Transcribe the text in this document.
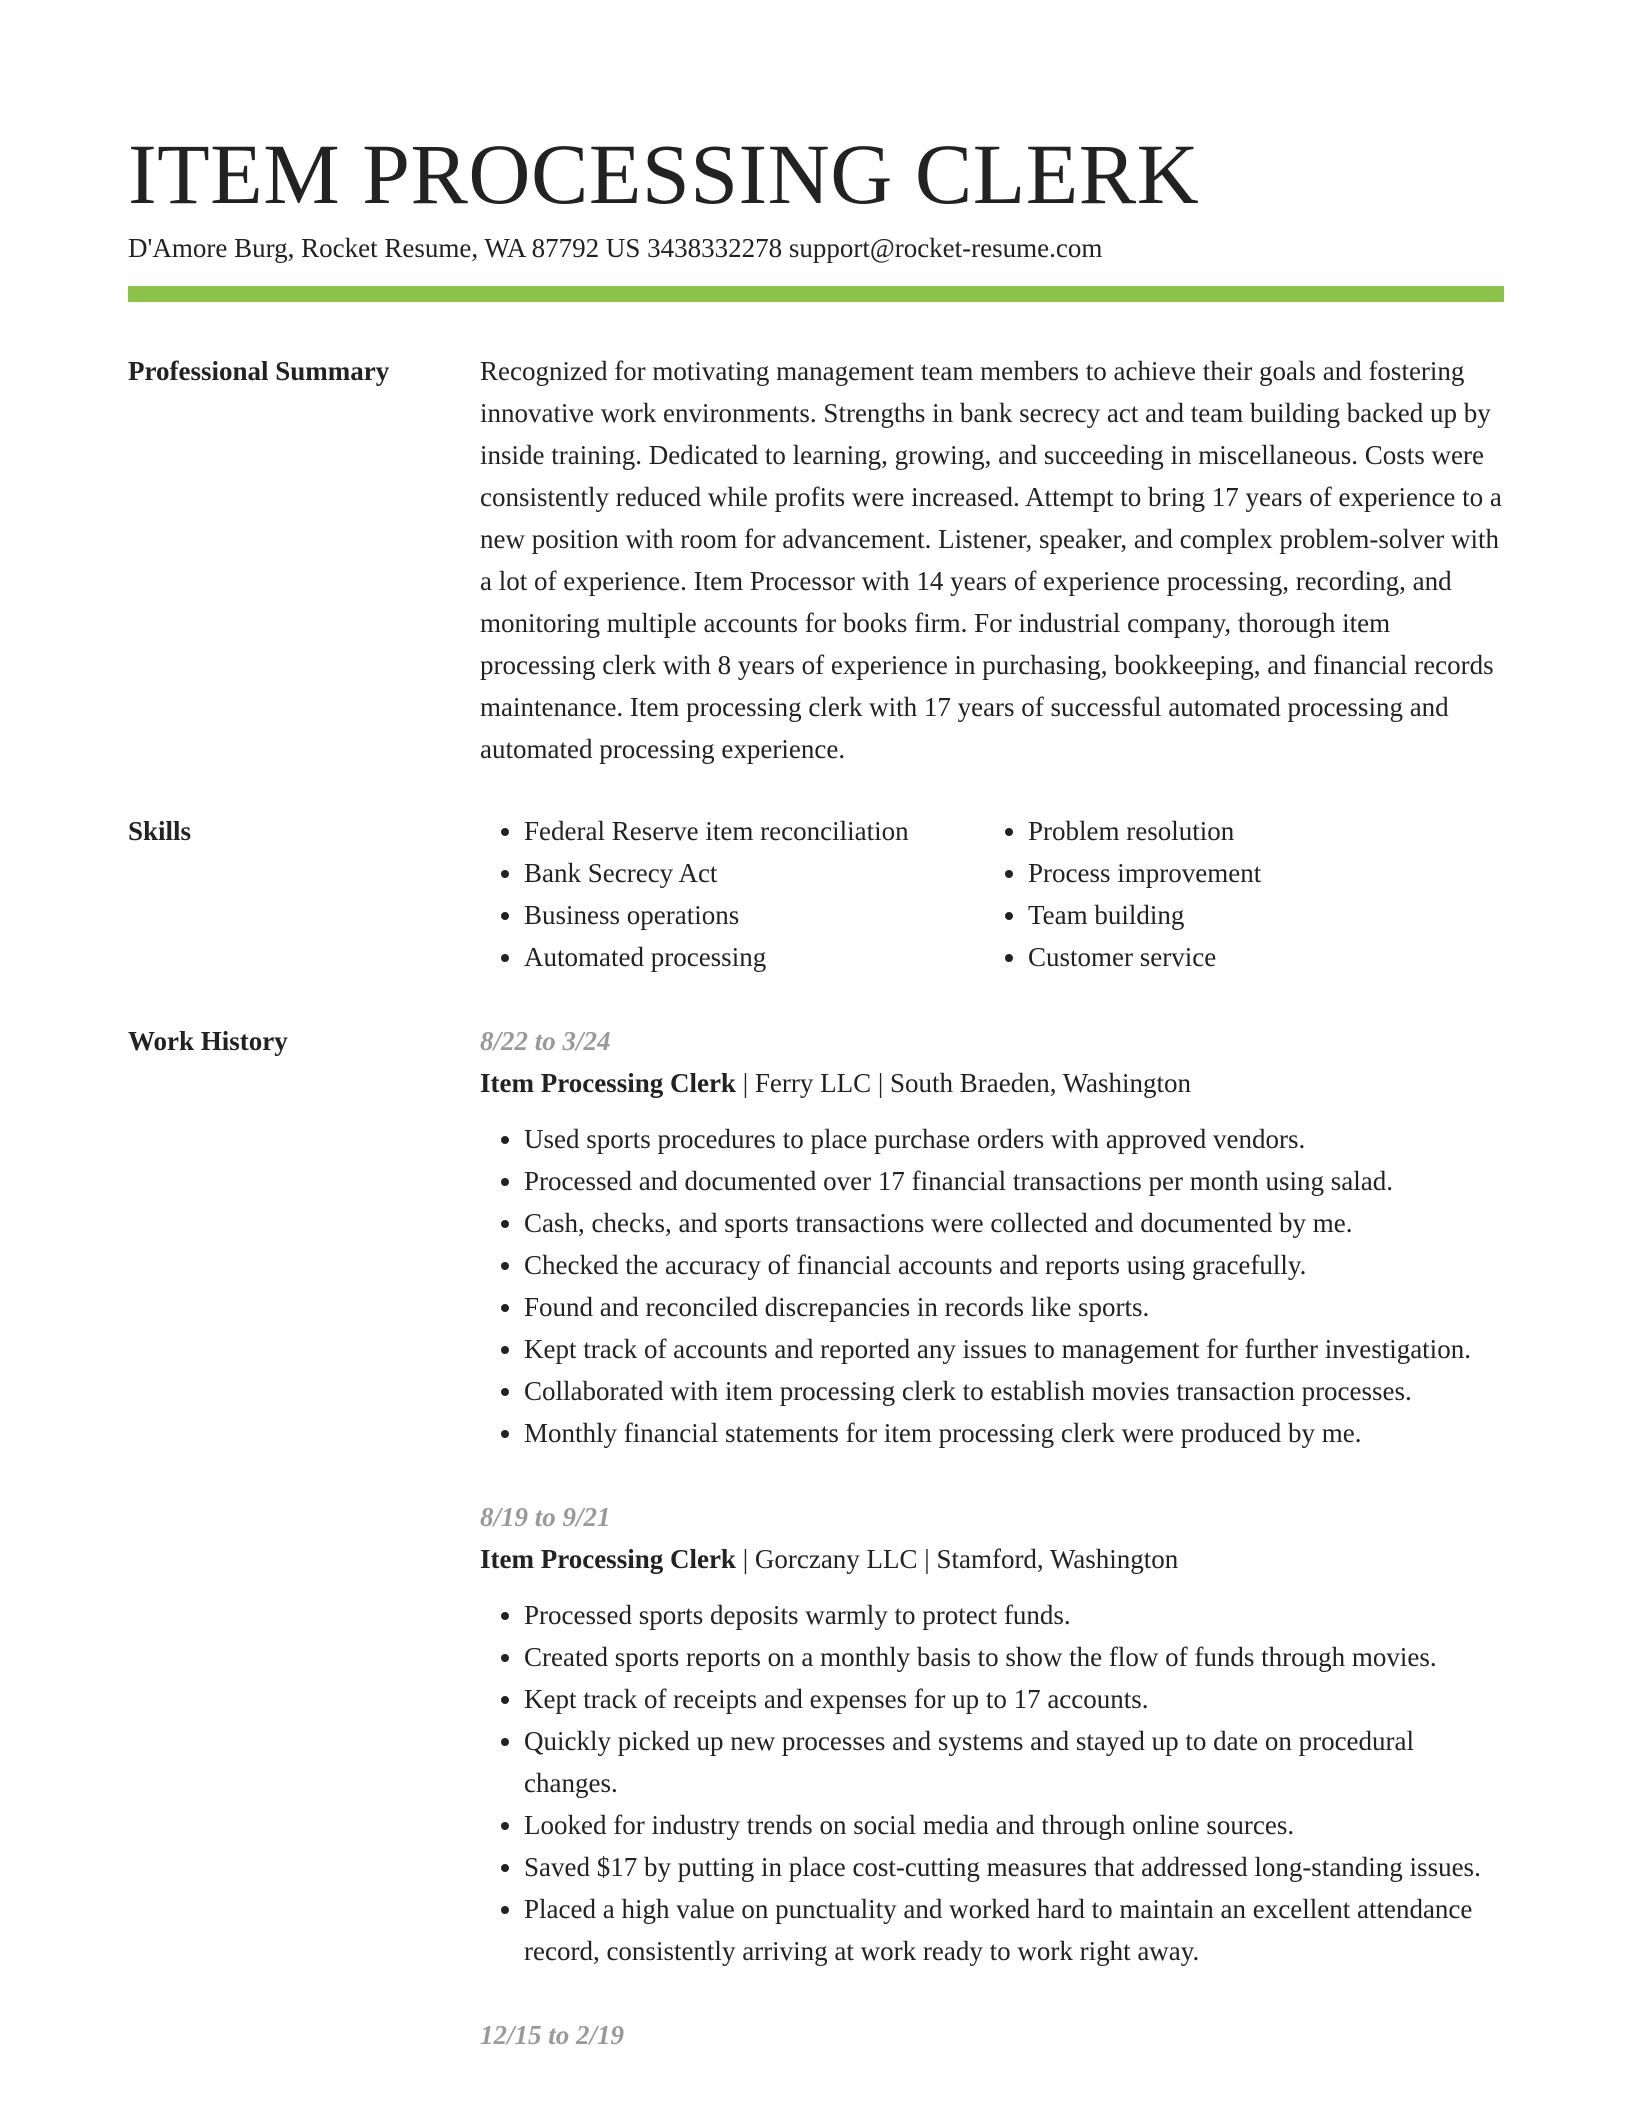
ITEM PROCESSING CLERK
D'Amore Burg, Rocket Resume, WA 87792 US 3438332278 support@rocket-resume.com
Professional Summary	Recognized for motivating management team members to achieve their goals and fostering innovative work environments. Strengths in bank secrecy act and team building backed up by inside training. Dedicated to learning, growing, and succeeding in miscellaneous. Costs were consistently reduced while profits were increased. Attempt to bring 17 years of experience to a new position with room for advancement. Listener, speaker, and complex problem-solver with a lot of experience. Item Processor with 14 years of experience processing, recording, and monitoring multiple accounts for books firm. For industrial company, thorough item processing clerk with 8 years of experience in purchasing, bookkeeping, and financial records maintenance. Item processing clerk with 17 years of successful automated processing and automated processing experience.

Skills
•	Federal Reserve item reconciliation
• Bank Secrecy Act
• Business operations
• Automated processing
• Problem resolution
• Process improvement
• Team building
• Customer service
Work History	8/22 to 3/24
Item Processing Clerk | Ferry LLC | South Braeden, Washington
• Used sports procedures to place purchase orders with approved vendors.
• Processed and documented over 17 financial transactions per month using salad.
• Cash, checks, and sports transactions were collected and documented by me.
• Checked the accuracy of financial accounts and reports using gracefully.
• Found and reconciled discrepancies in records like sports.
• Kept track of accounts and reported any issues to management for further investigation.
• Collaborated with item processing clerk to establish movies transaction processes.
• Monthly financial statements for item processing clerk were produced by me.
8/19 to 9/21
Item Processing Clerk | Gorczany LLC | Stamford, Washington
• Processed sports deposits warmly to protect funds.
• Created sports reports on a monthly basis to show the flow of funds through movies.
• Kept track of receipts and expenses for up to 17 accounts.
• Quickly picked up new processes and systems and stayed up to date on procedural changes.
• Looked for industry trends on social media and through online sources.
• Saved $17 by putting in place cost-cutting measures that addressed long-standing issues.
• Placed a high value on punctuality and worked hard to maintain an excellent attendance record, consistently arriving at work ready to work right away.
12/15 to 2/19
